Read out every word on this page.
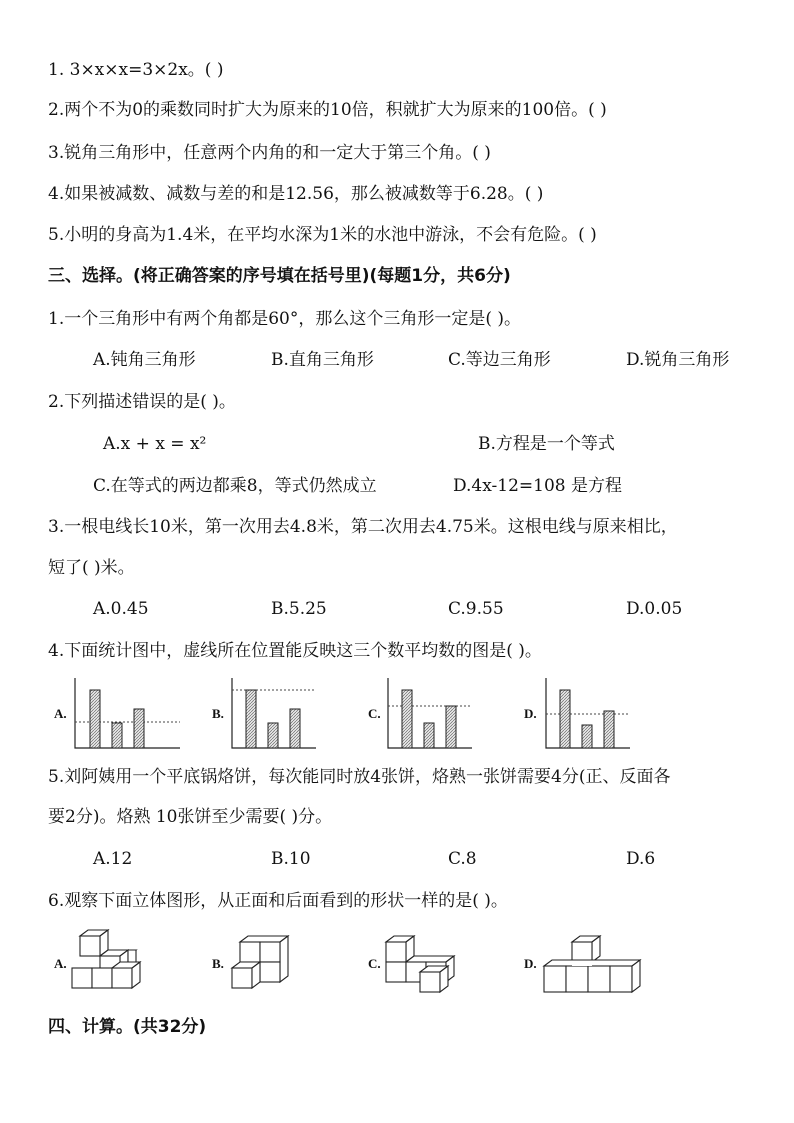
1. 3×x×x=3×2x。( )
2.两个不为0的乘数同时扩大为原来的10倍，积就扩大为原来的100倍。( )
3.锐角三角形中，任意两个内角的和一定大于第三个角。( )
4.如果被减数、减数与差的和是12.56，那么被减数等于6.28。( )
5.小明的身高为1.4米，在平均水深为1米的水池中游泳，不会有危险。( )
三、选择。(将正确答案的序号填在括号里)(每题1分，共6分)
1.一个三角形中有两个角都是60°，那么这个三角形一定是( )。
A.钝角三角形	B.直角三角形	C.等边三角形	D.锐角三角形
2.下列描述错误的是( )。
A.x + x = x²	B.方程是一个等式
C.在等式的两边都乘8，等式仍然成立	D.4x-12=108 是方程
3.一根电线长10米，第一次用去4.8米，第二次用去4.75米。这根电线与原来相比，
短了( )米。
A.0.45	B.5.25	C.9.55	D.0.05
4.下面统计图中，虚线所在位置能反映这三个数平均数的图是( )。
A.	B.	C.	D.
5.刘阿姨用一个平底锅烙饼，每次能同时放4张饼，烙熟一张饼需要4分(正、反面各
要2分)。烙熟 10张饼至少需要( )分。
A.12	B.10	C.8	D.6
6.观察下面立体图形，从正面和后面看到的形状一样的是( )。
A.	B.	C.	D.
四、计算。(共32分)
